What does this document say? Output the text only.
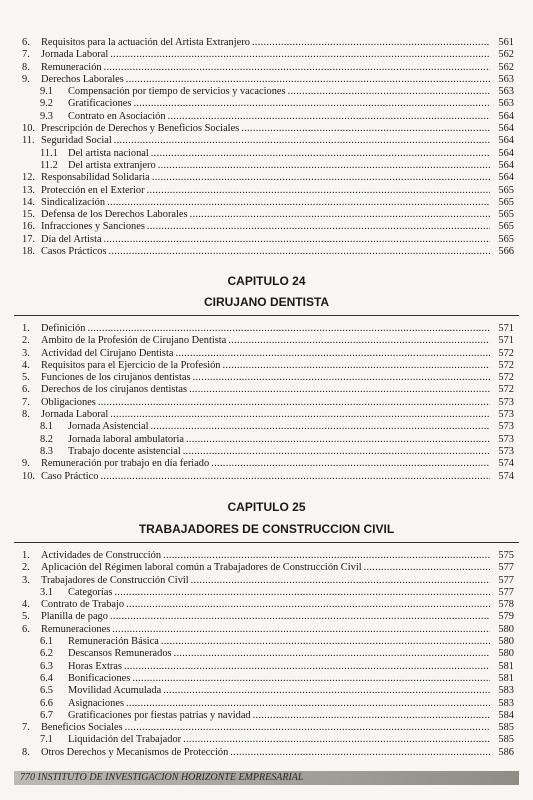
6.	Requisitos para la actuación del Artista Extranjero .....	561
7.	Jornada Laboral .....	562
8.	Remuneración .....	562
9.	Derechos Laborales .....	563
9.1	Compensación por tiempo de servicios y vacaciones .....	563
9.2	Gratificaciones .....	563
9.3	Contrato en Asociación .....	564
10. Prescripción de Derechos y Beneficios Sociales .....	564
11. Seguridad Social .....	564
11.1 Del artista nacional .....	564
11.2 Del artista extranjero .....	564
12. Responsabilidad Solidaria .....	564
13. Protección en el Exterior .....	565
14. Sindicalización .....	565
15. Defensa de los Derechos Laborales .....	565
16. Infracciones y Sanciones .....	565
17. Día del Artista .....	565
18. Casos Prácticos .....	566
CAPITULO 24
CIRUJANO DENTISTA
1.	Definición .....	571
2.	Ambito de la Profesión de Cirujano Dentista .....	571
3.	Actividad del Cirujano Dentista .....	572
4.	Requisitos para el Ejercicio de la Profesión .....	572
5.	Funciones de los cirujanos dentistas .....	572
6.	Derechos de los cirujanos dentistas .....	572
7.	Obligaciones .....	573
8.	Jornada Laboral .....	573
8.1	Jornada Asistencial .....	573
8.2	Jornada laboral ambulatoria .....	573
8.3	Trabajo docente asistencial .....	573
9.	Remuneración por trabajo en día feriado .....	574
10. Caso Práctico .....	574
CAPITULO 25
TRABAJADORES DE CONSTRUCCION CIVIL
1.	Actividades de Construcción .....	575
2.	Aplicación del Régimen laboral común a Trabajadores de Construcción Civil .....	577
3.	Trabajadores de Construcción Civil .....	577
3.1	Categorías .....	577
4.	Contrato de Trabajo .....	578
5.	Planilla de pago .....	579
6.	Remuneraciones .....	580
6.1	Remuneración Básica .....	580
6.2	Descansos Remunerados .....	580
6.3	Horas Extras .....	581
6.4	Bonificaciones .....	581
6.5	Movilidad Acumulada .....	583
6.6	Asignaciones .....	583
6.7	Gratificaciones por fiestas patrias y navidad .....	584
7.	Beneficios Sociales .....	585
7.1	Liquidación del Trabajador .....	585
8.	Otros Derechos y Mecanismos de Protección .....	586
770 INSTITUTO DE INVESTIGACION HORIZONTE EMPRESARIAL
